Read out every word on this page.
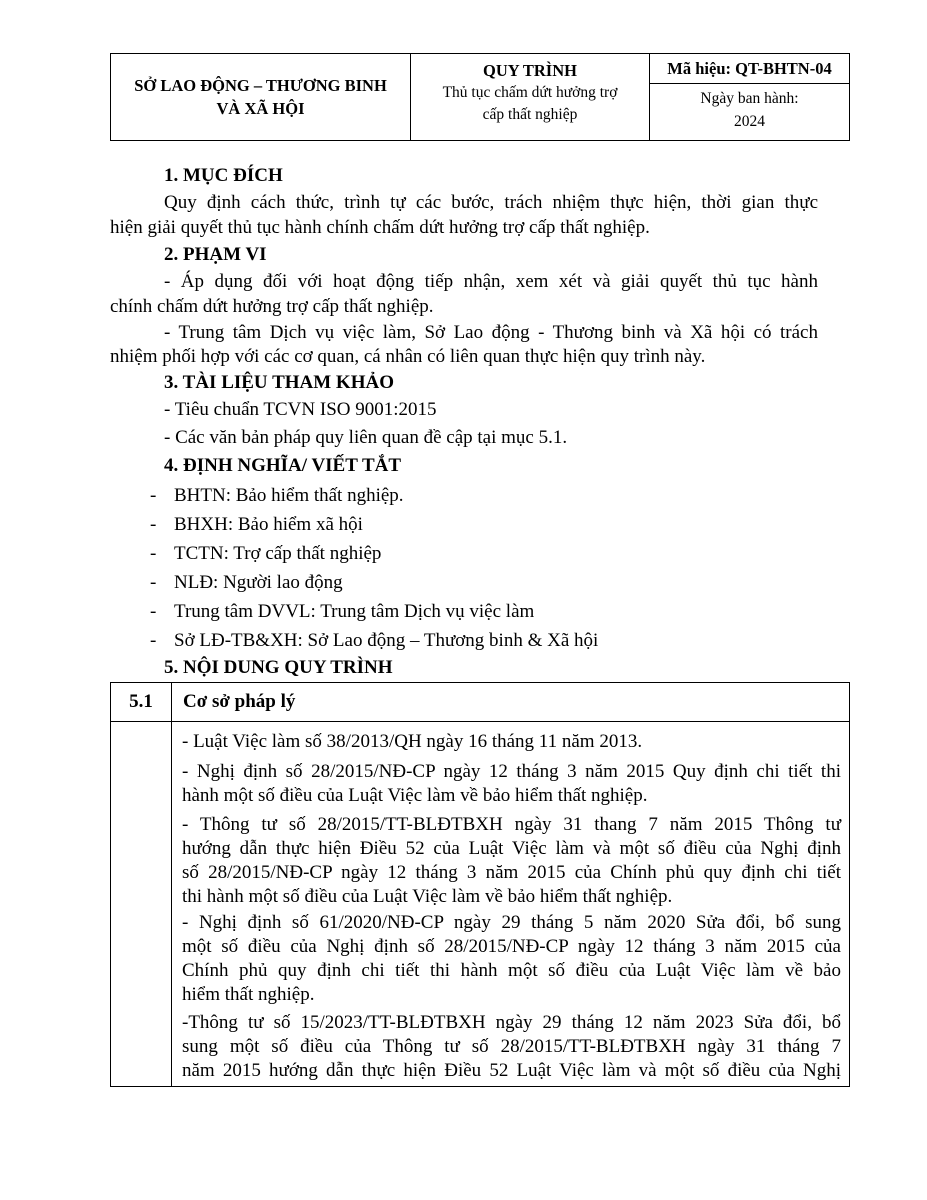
SỞ LAO ĐỘNG – THƯƠNG BINH
VÀ XÃ HỘI
QUY TRÌNH
Thủ tục chấm dứt hưởng trợ
cấp thất nghiệp
Mã hiệu: QT-BHTN-04
Ngày ban hành:
2024
1. MỤC ĐÍCH
Quy định cách thức, trình tự các bước, trách nhiệm thực hiện, thời gian thực
hiện giải quyết thủ tục hành chính chấm dứt hưởng trợ cấp thất nghiệp.
2. PHẠM VI
- Áp dụng đối với hoạt động tiếp nhận, xem xét và giải quyết thủ tục hành
chính chấm dứt hưởng trợ cấp thất nghiệp.
- Trung tâm Dịch vụ việc làm, Sở Lao động - Thương binh và Xã hội có trách
nhiệm phối hợp với các cơ quan, cá nhân có liên quan thực hiện quy trình này.
3. TÀI LIỆU THAM KHẢO
- Tiêu chuẩn TCVN ISO 9001:2015
- Các văn bản pháp quy liên quan đề cập tại mục 5.1.
4. ĐỊNH NGHĨA/ VIẾT TẮT
- BHTN: Bảo hiểm thất nghiệp.
- BHXH: Bảo hiểm xã hội
- TCTN: Trợ cấp thất nghiệp
- NLĐ: Người lao động
- Trung tâm DVVL: Trung tâm Dịch vụ việc làm
- Sở LĐ-TB&XH: Sở Lao động – Thương binh & Xã hội
5. NỘI DUNG QUY TRÌNH
5.1	Cơ sở pháp lý
- Luật Việc làm số 38/2013/QH ngày 16 tháng 11 năm 2013.
- Nghị định số 28/2015/NĐ-CP ngày 12 tháng 3 năm 2015 Quy định chi tiết thi
hành một số điều của Luật Việc làm về bảo hiểm thất nghiệp.
- Thông tư số 28/2015/TT-BLĐTBXH ngày 31 thang 7 năm 2015 Thông tư
hướng dẫn thực hiện Điều 52 của Luật Việc làm và một số điều của Nghị định
số 28/2015/NĐ-CP ngày 12 tháng 3 năm 2015 của Chính phủ quy định chi tiết
thi hành một số điều của Luật Việc làm về bảo hiểm thất nghiệp.
- Nghị định số 61/2020/NĐ-CP ngày 29 tháng 5 năm 2020 Sửa đổi, bổ sung
một số điều của Nghị định số 28/2015/NĐ-CP ngày 12 tháng 3 năm 2015 của
Chính phủ quy định chi tiết thi hành một số điều của Luật Việc làm về bảo
hiểm thất nghiệp.
-Thông tư số 15/2023/TT-BLĐTBXH ngày 29 tháng 12 năm 2023 Sửa đổi, bổ
sung một số điều của Thông tư số 28/2015/TT-BLĐTBXH ngày 31 tháng 7
năm 2015 hướng dẫn thực hiện Điều 52 Luật Việc làm và một số điều của Nghị
